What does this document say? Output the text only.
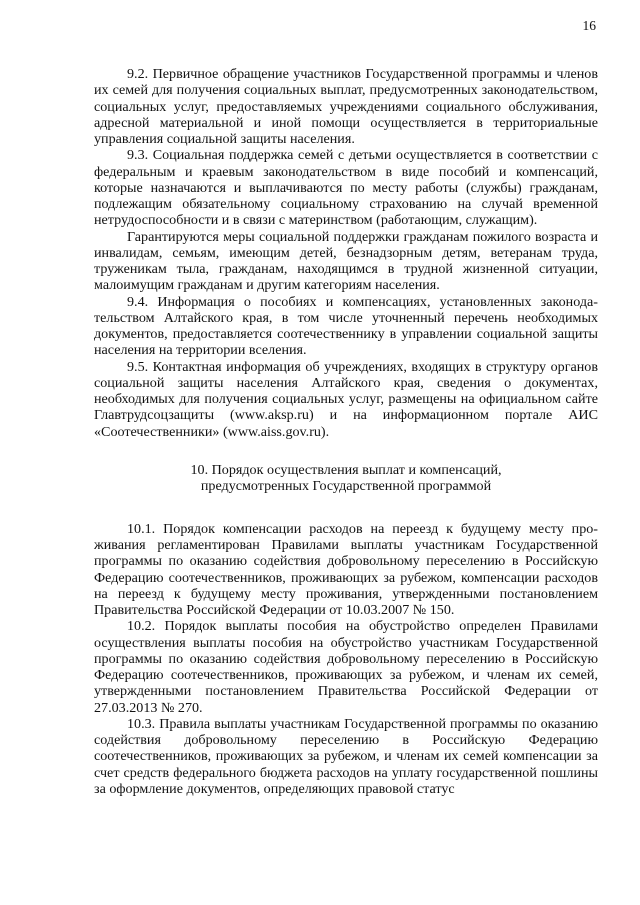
16

9.2. Первичное обращение участников Государственной программы и членов их семей для получения социальных выплат, предусмотренных законодательством, социальных услуг, предоставляемых учреждениями социального обслуживания, адресной материальной и иной помощи осуществляется в территориальные управления социальной защиты населения.

9.3. Социальная поддержка семей с детьми осуществляется в соответствии с федеральным и краевым законодательством в виде пособий и компенсаций, которые назначаются и выплачиваются по месту работы (службы) гражданам, подлежащим обязательному социальному страхованию на случай временной нетрудоспособности и в связи с материнством (работающим, служащим).

Гарантируются меры социальной поддержки гражданам пожилого возраста и инвалидам, семьям, имеющим детей, безнадзорным детям, ветеранам труда, труженикам тыла, гражданам, находящимся в трудной жизненной ситуации, малоимущим гражданам и другим категориям населения.

9.4. Информация о пособиях и компенсациях, установленных законодательством Алтайского края, в том числе уточненный перечень необходимых документов, предоставляется соотечественнику в управлении социальной защиты населения на территории вселения.

9.5. Контактная информация об учреждениях, входящих в структуру органов социальной защиты населения Алтайского края, сведения о документах, необходимых для получения социальных услуг, размещены на официальном сайте Главтрудсоцзащиты (www.aksp.ru) и на информационном портале АИС «Соотечественники» (www.aiss.gov.ru).

10. Порядок осуществления выплат и компенсаций,

предусмотренных Государственной программой

10.1. Порядок компенсации расходов на переезд к будущему месту проживания регламентирован Правилами выплаты участникам Государственной программы по оказанию содействия добровольному переселению в Российскую Федерацию соотечественников, проживающих за рубежом, компенсации расходов на переезд к будущему месту проживания, утвержденными постановлением Правительства Российской Федерации от 10.03.2007 № 150.

10.2. Порядок выплаты пособия на обустройство определен Правилами осуществления выплаты пособия на обустройство участникам Государственной программы по оказанию содействия добровольному переселению в Российскую Федерацию соотечественников, проживающих за рубежом, и членам их семей, утвержденными постановлением Правительства Российской Федерации от 27.03.2013 № 270.

10.3. Правила выплаты участникам Государственной программы по оказанию содействия добровольному переселению в Российскую Федерацию соотечественников, проживающих за рубежом, и членам их семей компенсации за счет средств федерального бюджета расходов на уплату государственной пошлины за оформление документов, определяющих правовой статус
